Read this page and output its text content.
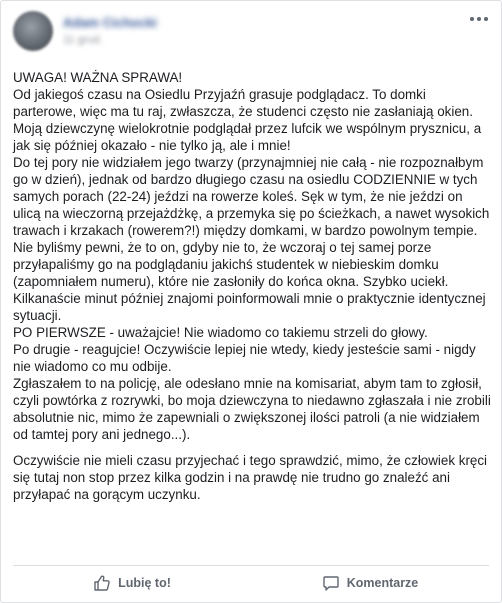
Adam Cichocki
11 grud.

UWAGA! WAŻNA SPRAWA!

Od jakiegoś czasu na Osiedlu Przyjaźń grasuje podglądacz. To domki parterowe, więc ma tu raj, zwłaszcza, że studenci często nie zasłaniają okien. Moją dziewczynę wielokrotnie podglądał przez lufcik we wspólnym prysznicu, a jak się później okazało - nie tylko ją, ale i mnie!

Do tej pory nie widziałem jego twarzy (przynajmniej nie całą - nie rozpoznałbym go w dzień), jednak od bardzo długiego czasu na osiedlu CODZIENNIE w tych samych porach (22-24) jeździ na rowerze koleś. Sęk w tym, że nie jeździ on ulicą na wieczorną przejażdżkę, a przemyka się po ścieżkach, a nawet wysokich trawach i krzakach (rowerem?!) między domkami, w bardzo powolnym tempie. Nie byliśmy pewni, że to on, gdyby nie to, że wczoraj o tej samej porze przyłapaliśmy go na podglądaniu jakichś studentek w niebieskim domku (zapomniałem numeru), które nie zasłoniły do końca okna. Szybko uciekł. Kilkanaście minut później znajomi poinformowali mnie o praktycznie identycznej sytuacji.

PO PIERWSZE - uważajcie! Nie wiadomo co takiemu strzeli do głowy.

Po drugie - reagujcie! Oczywiście lepiej nie wtedy, kiedy jesteście sami - nigdy nie wiadomo co mu odbije.

Zgłaszałem to na policję, ale odesłano mnie na komisariat, abym tam to zgłosił, czyli powtórka z rozrywki, bo moja dziewczyna to niedawno zgłaszała i nie zrobili absolutnie nic, mimo że zapewniali o zwiększonej ilości patroli (a nie widziałem od tamtej pory ani jednego...).

Oczywiście nie mieli czasu przyjechać i tego sprawdzić, mimo, że człowiek kręci się tutaj non stop przez kilka godzin i na prawdę nie trudno go znaleźć ani przyłapać na gorącym uczynku.

Lubię to!	Komentarze
